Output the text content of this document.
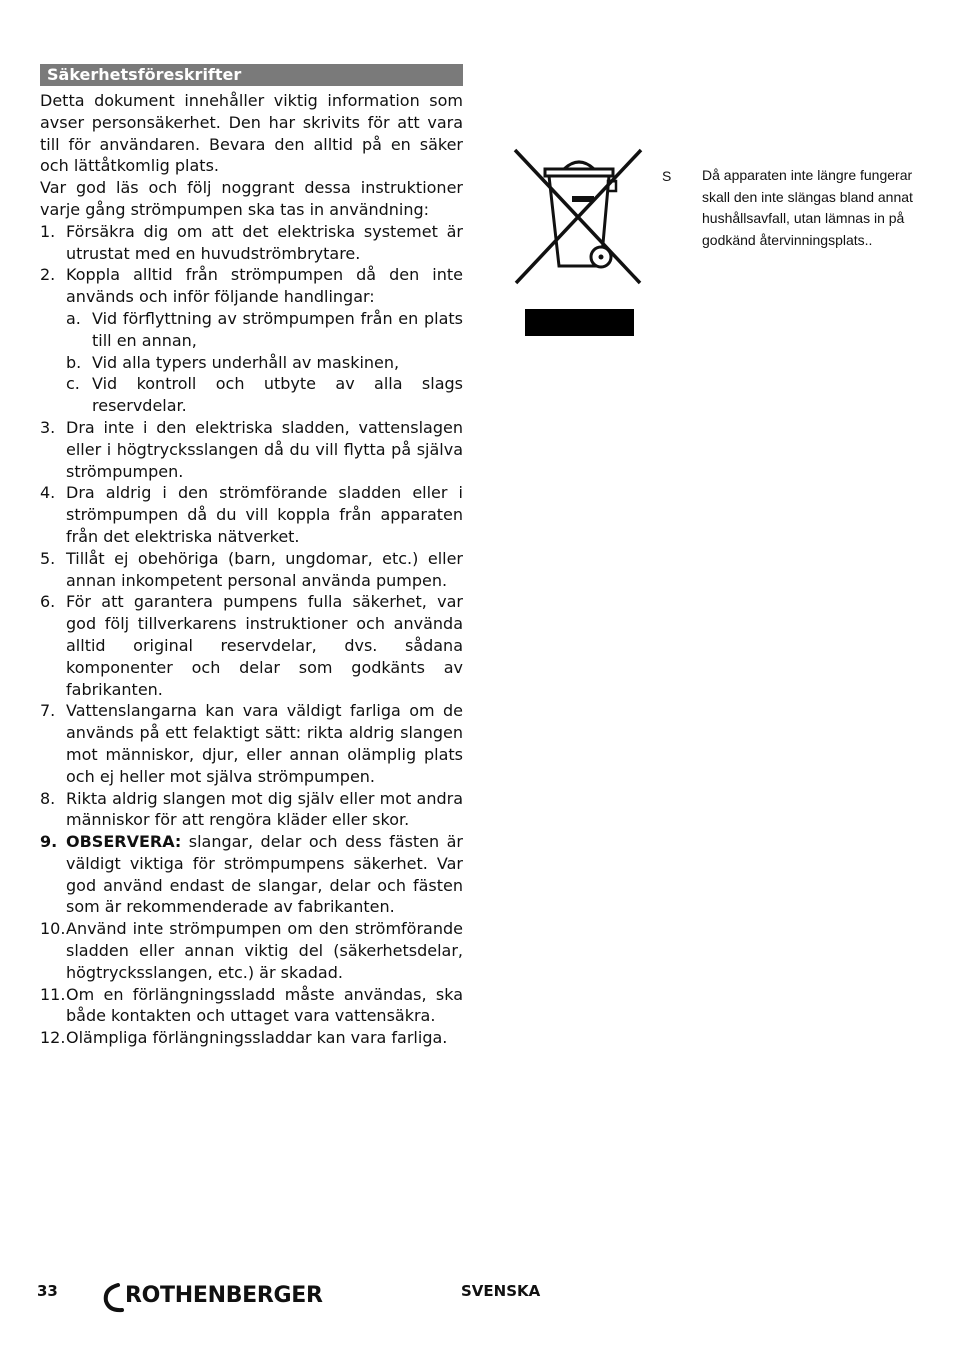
Säkerhetsföreskrifter

Detta dokument innehåller viktig information som avser personsäkerhet. Den har skrivits för att vara till för användaren. Bevara den alltid på en säker och lättåtkomlig plats.

Var god läs och följ noggrant dessa instruktioner varje gång strömpumpen ska tas in användning:

1. Försäkra dig om att det elektriska systemet är utrustat med en huvudströmbrytare.
2. Koppla alltid från strömpumpen då den inte används och inför följande handlingar:
a. Vid förflyttning av strömpumpen från en plats till en annan,
b. Vid alla typers underhåll av maskinen,
c. Vid kontroll och utbyte av alla slags reservdelar.
3. Dra inte i den elektriska sladden, vattenslagen eller i högtrycksslangen då du vill flytta på själva strömpumpen.
4. Dra aldrig i den strömförande sladden eller i strömpumpen då du vill koppla från apparaten från det elektriska nätverket.
5. Tillåt ej obehöriga (barn, ungdomar, etc.) eller annan inkompetent personal använda pumpen.
6. För att garantera pumpens fulla säkerhet, var god följ tillverkarens instruktioner och använda alltid original reservdelar, dvs. sådana komponenter och delar som godkänts av fabrikanten.
7. Vattenslangarna kan vara väldigt farliga om de används på ett felaktigt sätt: rikta aldrig slangen mot människor, djur, eller annan olämplig plats och ej heller mot själva strömpumpen.
8. Rikta aldrig slangen mot dig själv eller mot andra människor för att rengöra kläder eller skor.
9. OBSERVERA: slangar, delar och dess fästen är väldigt viktiga för strömpumpens säkerhet. Var god använd endast de slangar, delar och fästen som är rekommenderade av fabrikanten.
10. Använd inte strömpumpen om den strömförande sladden eller annan viktig del (säkerhetsdelar, högtrycksslangen, etc.) är skadad.
11. Om en förlängningssladd måste användas, ska både kontakten och uttaget vara vattensäkra.
12. Olämpliga förlängningssladdar kan vara farliga.
S Då apparaten inte längre fungerar skall den inte slängas bland annat hushållsavfall, utan lämnas in på godkänd återvinningsplats..
33	ROTHENBERGER	SVENSKA
